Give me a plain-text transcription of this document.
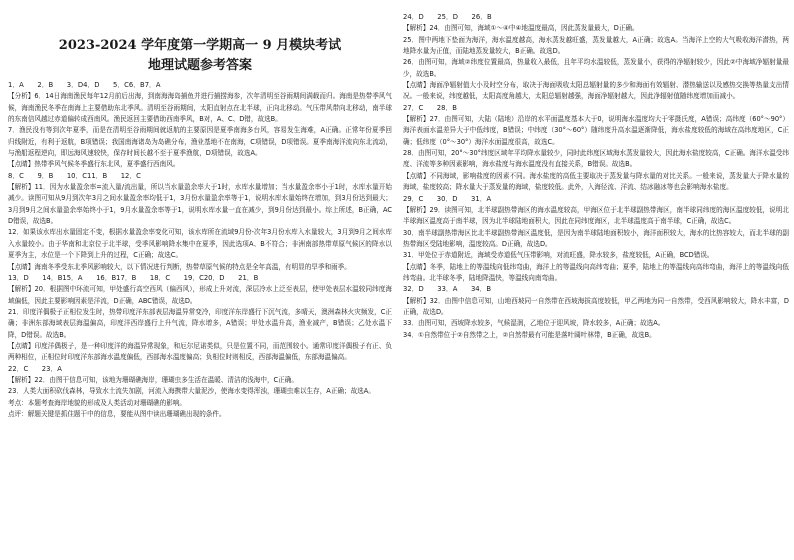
2023-2024 学年度第一学期高一 9 月模块考试
地理试题参考答案

1．A　　2．B　　3．D4．D　　5．C6．B7．A

【分析】6．14日海南渔民每年12月前后出海，到南海海岛捕鱼并进行捕捞海参，次年清明至谷雨期间满载而归。海南是热带季风气候，海南渔民冬季在南海上主要借助东北季风。清明至谷雨期间，太阳直射点在北半球，正向北移动。气压带风带向北移动，南半球的东南信风越过赤道偏转成西南风。渔民返回主要借助西南季风，B对，A、C、D错，故选B。

7．渔民没有等到次年夏季，而是在清明至谷雨期间就返航的主要原因是夏季南海多台风，容易发生海难，A正确。正常年份夏季回归线附近，有利于返航，B项错误；我国南海诸岛为岛礁分布，渔业基地不在南海，C项错误，D项错误。夏季南海洋流向东北流动，与渔船返程逆向，即远海风速较快，保存时间长越不至于夏季渔航，D项错误，故选A。

【点睛】热带季风气候冬季盛行东北风，夏季盛行西南风。

8．C　　9．B　　10．C11．B　　12．C

【解析】11．因为水量盈余率=流入量/流出量，所以当水量盈余率大于1时，水库水量增加；当水量盈余率小于1时，水库水量开始减少。读图可知从9月到次年3月之间水量盈余率均低于1，3月份水量盈余率等于1，说明水库水量始终在增加，到3月份达到最大；3月到9月之间水量盈余率始终小于1，9月水量盈余率等于1，说明水库水量一直在减少，到9月份达到最小。综上所述，B正确，ACD错误，故选B。

12．如果该水库出水量固定不变，根据水量盈余率变化可知，该水库所在流域9月份-次年3月份水库入水量较大，3月到9月之间水库入水量较小。由于华南和北京位于北半球，受季风影响降水集中在夏季，因此选项A、B不符合；非洲南部热带草原气候区的降水以夏季为主，水位是一个下降到上升的过程，C正确；故选C。

【点睛】海南冬季受东北季风影响较大，以下情况进行判断，热带草原气候的特点是全年高温，有明显的旱季和雨季。

13．D　　14．B15．A　　16．B17．B　　18．C　　19．C20．D　　21．B

【解析】20．根据图中环流可知，甲处盛行高空西风（偏西风），形成上升对流，深层冷水上泛至表层，使甲处表层水温较同纬度海域偏低，因此主要影响因素是洋流，D正确，ABC错误，故选D。

21．印度洋偶极子正相位发生时，热带印度洋东部表层海温异常变冷，印度洋东岸盛行下沉气流，多晴天，澳洲森林火灾频发，C正确；非洲东部海域表层海温偏高，印度洋西岸盛行上升气流，降水增多，A错误；甲处水温升高，渔业减产，B错误；乙处水温下降，D错误。故选B。

【点睛】印度洋偶极子，是一种印度洋的海温异常现象，和厄尔尼诺类似，只是位置不同，而范围较小。通常印度洋偶极子有正、负两种相位，正相位时印度洋东部海水温度偏低，西部海水温度偏高；负相位时则相反，西部海温偏低，东部海温偏高。

22．C　　23．A

【解析】22．由图干信息可知，该地为珊瑚礁海岸，珊瑚虫多生活在温暖、清洁的浅海中，C正确。

23．人类大面积砍伐森林，导致水土流失加剧，河流入海携带大量泥沙，使海水变得浑浊，珊瑚虫难以生存，A正确；故选A。

考点：本题考查海岸地貌的形成及人类活动对珊瑚礁的影响。

点评：解题关键是抓住题干中的信息，要能从图中读出珊瑚礁出现的条件。

24．D　　25．D　　26．B

【解析】24．由图可知，海域①～④中④地温度最高，因此蒸发量最大，D正确。

25．图中两地下垫面为海洋，海水温度越高，海水蒸发越旺盛，蒸发量越大，A正确；故选A。当海洋上空的大气吸收海洋潜热，两地降水量为正值，而陆地蒸发量较大，B正确。故选D。

26．由图可知，海域②纬度位置最高，热量收入最低，且年平均水温较低，蒸发量小，获得的净辐射较少，因此②中海域净辐射量最少，故选B。

【点睛】海面净辐射值大小及时空分布，取决于海面吸收太阳总辐射量的多少和海面有效辐射、潜热输送以及感热交换等热量支出情况。一般来说，纬度越低，太阳高度角越大，太阳总辐射越强，海面净辐射越大，因此净辐射值随纬度增加而减小。

27．C　　28．B

【解析】27．由图可知，大陆（陆地）沿岸的水平面温度基本大于0，说明海水温度均大于零摄氏度，A错误；高纬度（60°～90°）海洋表面水温差异大于中低纬度，B错误；中纬度（30°～60°）随纬度升高水温逐渐降低，海水盐度较低的海域在高纬度地区，C正确；低纬度（0°～30°）海洋水面温度很高，故选C。

28．由图可知，20°～30°纬度区域年平均降水量较少，同时此纬度区域海水蒸发量较大，因此海水盐度较高，C正确。海洋水温受纬度、洋流等多种因素影响，海水盐度与海水温度没有直接关系，B错误。故选B。

【点睛】不同海域，影响盐度的因素不同。海水盐度的高低主要取决于蒸发量与降水量的对比关系。一般来说，蒸发量大于降水量的海域，盐度较高；降水量大于蒸发量的海域，盐度较低。此外，入海径流、洋流、结冰融冰等也会影响海水盐度。

29．C　　30．D　　31．A

【解析】29．读图可知，北半球副热带海区的海水温度较高，甲海区位于北半球副热带海区，南半球同纬度的海区温度较低，说明北半球海区温度高于南半球，因为北半球陆地面积大，因此在同纬度海区，北半球温度高于南半球，C正确，故选C。

30．南半球副热带海区比北半球副热带海区温度低，是因为南半球陆地面积较小，海洋面积较大，海水的比热容较大，而北半球的副热带海区受陆地影响，温度较高。D正确，故选D。

31．甲处位于赤道附近，海域受赤道低气压带影响，对流旺盛，降水较多，盐度较低，A正确，BCD错误。

【点睛】冬季，陆地上的等温线向低纬弯曲，海洋上的等温线向高纬弯曲；夏季，陆地上的等温线向高纬弯曲，海洋上的等温线向低纬弯曲。北半球冬季，陆地降温快，等温线向南弯曲。

32．D　　33．A　　34．B

【解析】32．由图中信息可知，山地西坡同一自然带在西坡海拔高度较低，甲乙两地为同一自然带，受西风影响较大，降水丰富，D正确，故选D。

33．由图可知，西坡降水较多，气候湿润，乙地位于迎风坡，降水较多，A正确；故选A。

34．①自然带位于②自然带之上，②自然带最有可能是落叶阔叶林带，B正确，故选B。
